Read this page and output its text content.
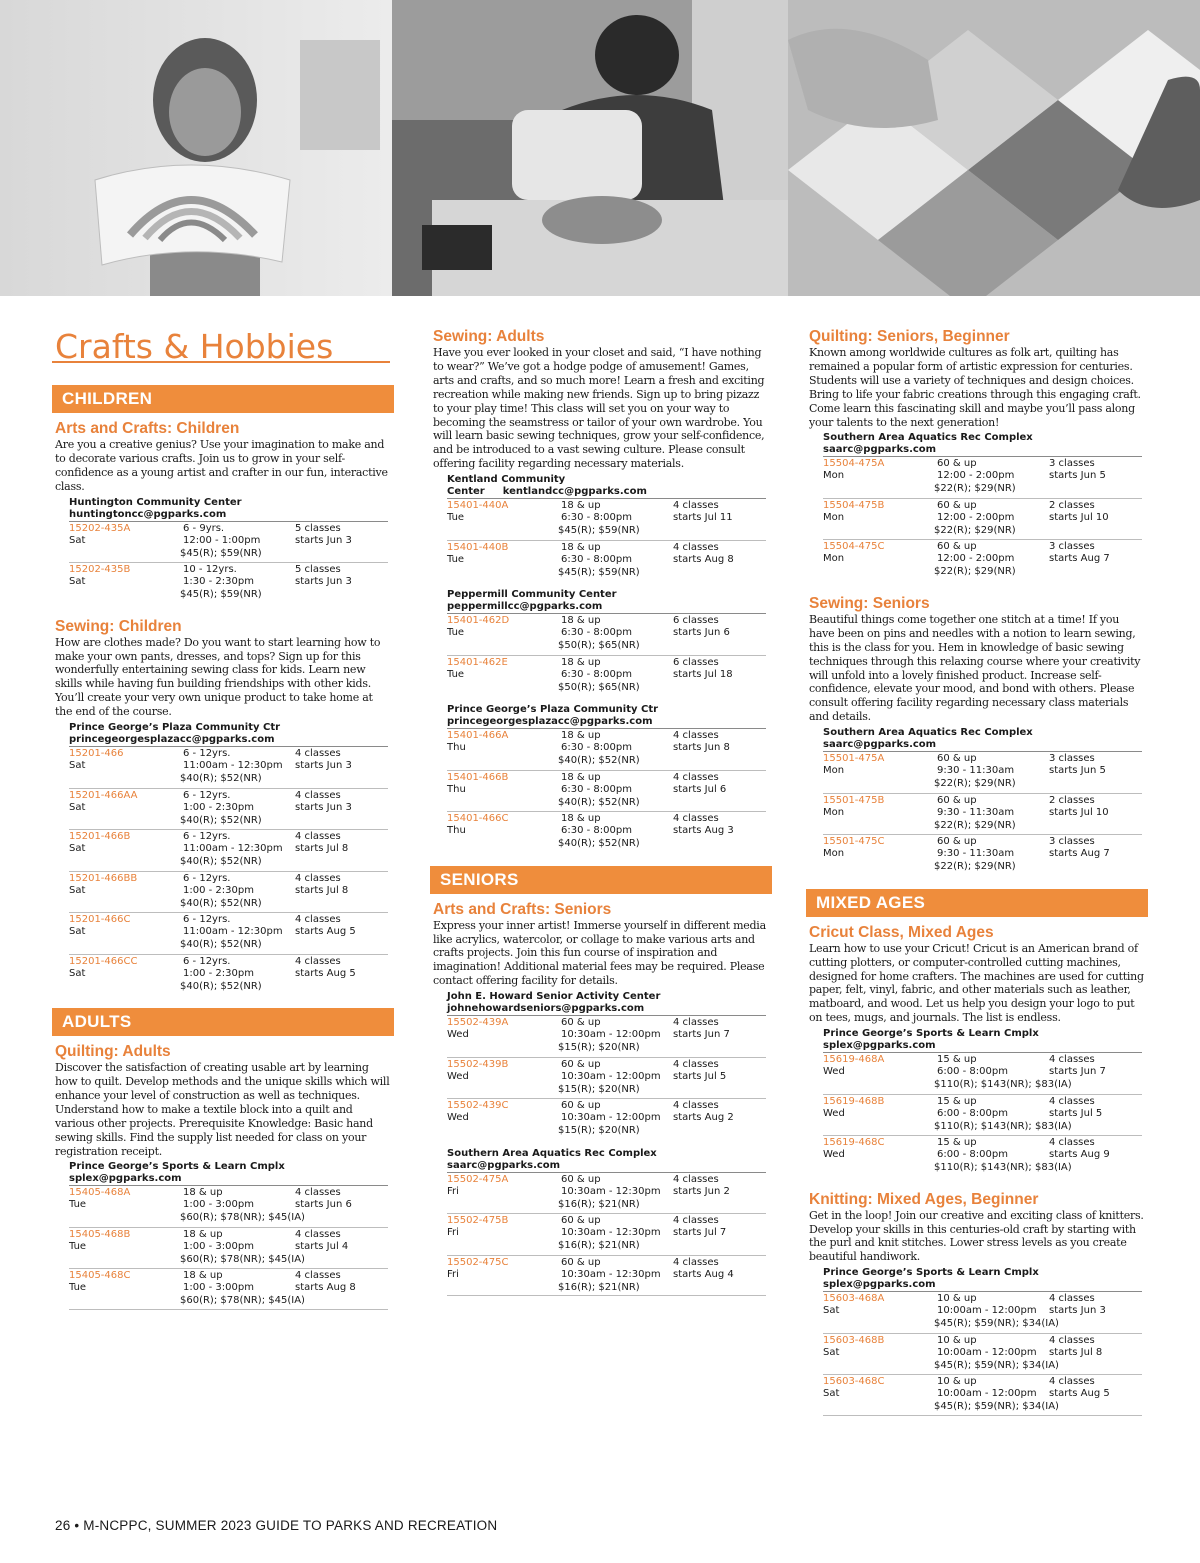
Crafts & Hobbies
CHILDREN
Arts and Crafts: Children

Are you a creative genius? Use your imagination to make and to decorate various crafts. Join us to grow in your self-confidence as a young artist and crafter in our fun, interactive class.

Huntington Community Center
huntingtoncc@pgparks.com
15202-435A
Sat
6 - 9yrs.
12:00 - 1:00pm
$45(R); $59(NR)
5 classes
starts Jun 3
15202-435B
Sat
10 - 12yrs.
1:30 - 2:30pm
$45(R); $59(NR)
5 classes
starts Jun 3
Sewing: Children

How are clothes made? Do you want to start learning how to make your own pants, dresses, and tops? Sign up for this wonderfully entertaining sewing class for kids. Learn new skills while having fun building friendships with other kids. You’ll create your very own unique product to take home at the end of the course.

Prince George’s Plaza Community Ctr
princegeorgesplazacc@pgparks.com
15201-466
Sat
6 - 12yrs.
11:00am - 12:30pm
$40(R); $52(NR)
4 classes
starts Jun 3
15201-466AA
Sat
6 - 12yrs.
1:00 - 2:30pm
$40(R); $52(NR)
4 classes
starts Jun 3
15201-466B
Sat
6 - 12yrs.
11:00am - 12:30pm
$40(R); $52(NR)
4 classes
starts Jul 8
15201-466BB
Sat
6 - 12yrs.
1:00 - 2:30pm
$40(R); $52(NR)
4 classes
starts Jul 8
15201-466C
Sat
6 - 12yrs.
11:00am - 12:30pm
$40(R); $52(NR)
4 classes
starts Aug 5
15201-466CC
Sat
6 - 12yrs.
1:00 - 2:30pm
$40(R); $52(NR)
4 classes
starts Aug 5
ADULTS
Quilting: Adults

Discover the satisfaction of creating usable art by learning how to quilt. Develop methods and the unique skills which will enhance your level of construction as well as techniques. Understand how to make a textile block into a quilt and various other projects. Prerequisite Knowledge: Basic hand sewing skills. Find the supply list needed for class on your registration receipt.

Prince George’s Sports & Learn Cmplx
splex@pgparks.com
15405-468A
Tue
18 & up
1:00 - 3:00pm
$60(R); $78(NR); $45(IA)
4 classes
starts Jun 6
15405-468B
Tue
18 & up
1:00 - 3:00pm
$60(R); $78(NR); $45(IA)
4 classes
starts Jul 4
15405-468C
Tue
18 & up
1:00 - 3:00pm
$60(R); $78(NR); $45(IA)
4 classes
starts Aug 8
Sewing: Adults

Have you ever looked in your closet and said, “I have nothing to wear?” We’ve got a hodge podge of amusement! Games, arts and crafts, and so much more! Learn a fresh and exciting recreation while making new friends. Sign up to bring pizazz to your play time! This class will set you on your way to becoming the seamstress or tailor of your own wardrobe. You will learn basic sewing techniques, grow your self-confidence, and be introduced to a vast sewing culture. Please consult offering facility regarding necessary materials.

Kentland Community Center kentlandcc@pgparks.com
15401-440A
Tue
18 & up
6:30 - 8:00pm
$45(R); $59(NR)
4 classes
starts Jul 11
15401-440B
Tue
18 & up
6:30 - 8:00pm
$45(R); $59(NR)
4 classes
starts Aug 8
Peppermill Community Center
peppermillcc@pgparks.com
15401-462D
Tue
18 & up
6:30 - 8:00pm
$50(R); $65(NR)
6 classes
starts Jun 6
15401-462E
Tue
18 & up
6:30 - 8:00pm
$50(R); $65(NR)
6 classes
starts Jul 18
Prince George’s Plaza Community Ctr
princegeorgesplazacc@pgparks.com
15401-466A
Thu
18 & up
6:30 - 8:00pm
$40(R); $52(NR)
4 classes
starts Jun 8
15401-466B
Thu
18 & up
6:30 - 8:00pm
$40(R); $52(NR)
4 classes
starts Jul 6
15401-466C
Thu
18 & up
6:30 - 8:00pm
$40(R); $52(NR)
4 classes
starts Aug 3
SENIORS
Arts and Crafts: Seniors

Express your inner artist! Immerse yourself in different media like acrylics, watercolor, or collage to make various arts and crafts projects. Join this fun course of inspiration and imagination! Additional material fees may be required. Please contact offering facility for details.

John E. Howard Senior Activity Center
johnehowardseniors@pgparks.com
15502-439A
Wed
60 & up
10:30am - 12:00pm
$15(R); $20(NR)
4 classes
starts Jun 7
15502-439B
Wed
60 & up
10:30am - 12:00pm
$15(R); $20(NR)
4 classes
starts Jul 5
15502-439C
Wed
60 & up
10:30am - 12:00pm
$15(R); $20(NR)
4 classes
starts Aug 2
Southern Area Aquatics Rec Complex
saarc@pgparks.com
15502-475A
Fri
60 & up
10:30am - 12:30pm
$16(R); $21(NR)
4 classes
starts Jun 2
15502-475B
Fri
60 & up
10:30am - 12:30pm
$16(R); $21(NR)
4 classes
starts Jul 7
15502-475C
Fri
60 & up
10:30am - 12:30pm
$16(R); $21(NR)
4 classes
starts Aug 4
Quilting: Seniors, Beginner

Known among worldwide cultures as folk art, quilting has remained a popular form of artistic expression for centuries. Students will use a variety of techniques and design choices. Bring to life your fabric creations through this engaging craft. Come learn this fascinating skill and maybe you’ll pass along your talents to the next generation!

Southern Area Aquatics Rec Complex
saarc@pgparks.com
15504-475A
Mon
60 & up
12:00 - 2:00pm
$22(R); $29(NR)
3 classes
starts Jun 5
15504-475B
Mon
60 & up
12:00 - 2:00pm
$22(R); $29(NR)
2 classes
starts Jul 10
15504-475C
Mon
60 & up
12:00 - 2:00pm
$22(R); $29(NR)
3 classes
starts Aug 7
Sewing: Seniors

Beautiful things come together one stitch at a time! If you have been on pins and needles with a notion to learn sewing, this is the class for you. Hem in knowledge of basic sewing techniques through this relaxing course where your creativity will unfold into a lovely finished product. Increase self-confidence, elevate your mood, and bond with others. Please consult offering facility regarding necessary class materials and details.

Southern Area Aquatics Rec Complex
saarc@pgparks.com
15501-475A
Mon
60 & up
9:30 - 11:30am
$22(R); $29(NR)
3 classes
starts Jun 5
15501-475B
Mon
60 & up
9:30 - 11:30am
$22(R); $29(NR)
2 classes
starts Jul 10
15501-475C
Mon
60 & up
9:30 - 11:30am
$22(R); $29(NR)
3 classes
starts Aug 7
MIXED AGES
Cricut Class, Mixed Ages

Learn how to use your Cricut! Cricut is an American brand of cutting plotters, or computer-controlled cutting machines, designed for home crafters. The machines are used for cutting paper, felt, vinyl, fabric, and other materials such as leather, matboard, and wood. Let us help you design your logo to put on tees, mugs, and journals. The list is endless.

Prince George’s Sports & Learn Cmplx
splex@pgparks.com
15619-468A
Wed
15 & up
6:00 - 8:00pm
$110(R); $143(NR); $83(IA)
4 classes
starts Jun 7
15619-468B
Wed
15 & up
6:00 - 8:00pm
$110(R); $143(NR); $83(IA)
4 classes
starts Jul 5
15619-468C
Wed
15 & up
6:00 - 8:00pm
$110(R); $143(NR); $83(IA)
4 classes
starts Aug 9
Knitting: Mixed Ages, Beginner

Get in the loop! Join our creative and exciting class of knitters. Develop your skills in this centuries-old craft by starting with the purl and knit stitches. Lower stress levels as you create beautiful handiwork.

Prince George’s Sports & Learn Cmplx
splex@pgparks.com
15603-468A
Sat
10 & up
10:00am - 12:00pm
$45(R); $59(NR); $34(IA)
4 classes
starts Jun 3
15603-468B
Sat
10 & up
10:00am - 12:00pm
$45(R); $59(NR); $34(IA)
4 classes
starts Jul 8
15603-468C
Sat
10 & up
10:00am - 12:00pm
$45(R); $59(NR); $34(IA)
4 classes
starts Aug 5
26 • M-NCPPC, SUMMER 2023 GUIDE TO PARKS AND RECREATION
